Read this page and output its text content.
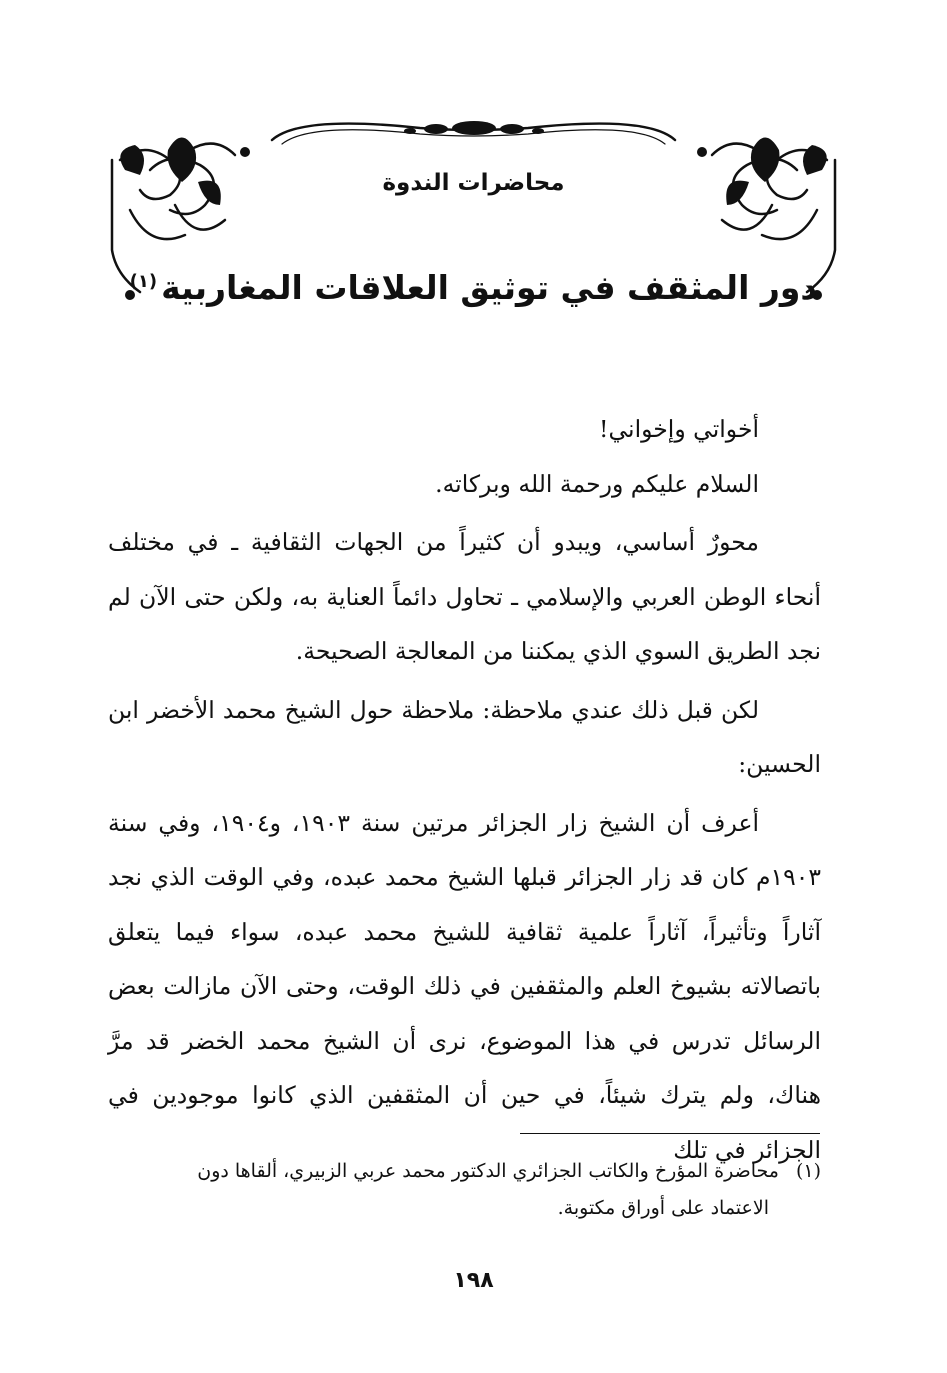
محاضرات الندوة
دور المثقف في توثيق العلاقات المغاربية$^{(١)}$

أخواتي وإخواني!

السلام عليكم ورحمة الله وبركاته.

محورٌ أساسي، ويبدو أن كثيراً من الجهات الثقافية ـ في مختلف أنحاء الوطن العربي والإسلامي ـ تحاول دائماً العناية به، ولكن حتى الآن لم نجد الطريق السوي الذي يمكننا من المعالجة الصحيحة.

لكن قبل ذلك عندي ملاحظة: ملاحظة حول الشيخ محمد الأخضر ابن الحسين:

أعرف أن الشيخ زار الجزائر مرتين سنة ١٩٠٣، و١٩٠٤، وفي سنة ١٩٠٣م كان قد زار الجزائر قبلها الشيخ محمد عبده، وفي الوقت الذي نجد آثاراً وتأثيراً، آثاراً علمية ثقافية للشيخ محمد عبده، سواء فيما يتعلق باتصالاته بشيوخ العلم والمثقفين في ذلك الوقت، وحتى الآن مازالت بعض الرسائل تدرس في هذا الموضوع، نرى أن الشيخ محمد الخضر قد مرَّ هناك، ولم يترك شيئاً، في حين أن المثقفين الذي كانوا موجودين في الجزائر في تلك

(١)محاضرة المؤرخ والكاتب الجزائري الدكتور محمد عربي الزبيري، ألقاها دون
الاعتماد على أوراق مكتوبة.
١٩٨
